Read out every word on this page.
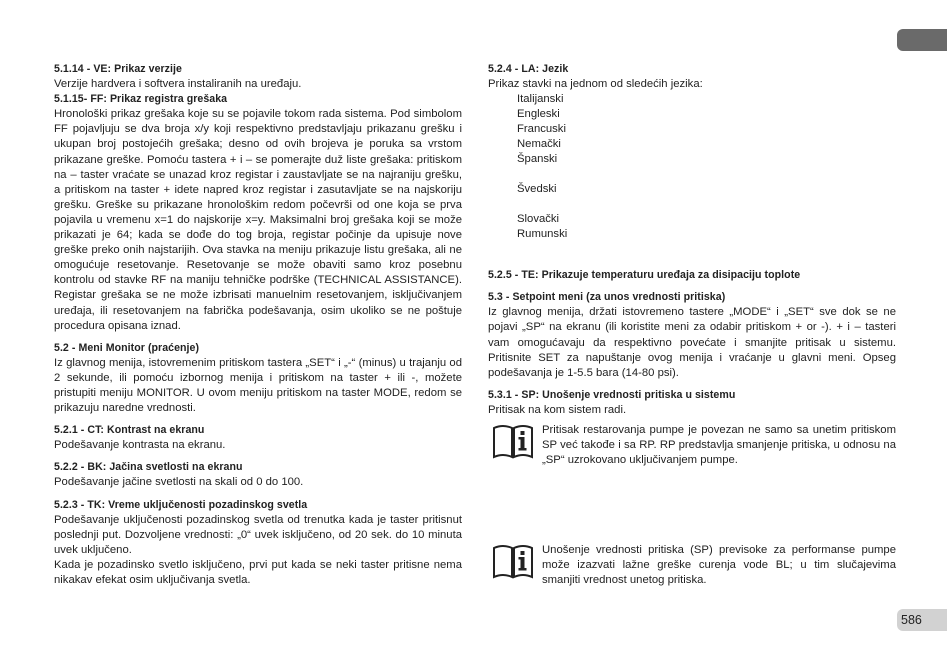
586
5.1.14 - VE: Prikaz verzije
Verzije hardvera i softvera instaliranih na uređaju.
5.1.15- FF: Prikaz registra grešaka
Hronološki prikaz grešaka koje su se pojavile tokom rada sistema. Pod simbolom FF pojavljuju se dva broja x/y koji respektivno predstavljaju prikazanu grešku i ukupan broj postojećih grešaka; desno od ovih brojeva je poruka sa vrstom prikazane greške. Pomoću tastera + i – se pomerajte duž liste grešaka: pritiskom na – taster vraćate se unazad kroz registar i zaustavljate se na najraniju grešku, a pritiskom na taster + idete napred kroz registar i zasutavljate se na najskoriju grešku. Greške su prikazane hronološkim redom počevrši od one koja se prva pojavila u vremenu x=1 do najskorije x=y. Maksimalni broj grešaka koji se može prikazati je 64; kada se dođe do tog broja, registar počinje da upisuje nove greške preko onih najstarijih. Ova stavka na meniju prikazuje listu grešaka, ali ne omogućuje resetovanje. Resetovanje se može obaviti samo kroz posebnu kontrolu od stavke RF na maniju tehničke podrške (TECHNICAL ASSISTANCE). Registar grešaka se ne može izbrisati manuelnim resetovanjem, isključivanjem uređaja, ili resetovanjem na fabrička podešavanja, osim ukoliko se ne poštuje procedura opisana iznad.
5.2 - Meni Monitor (praćenje)
Iz glavnog menija, istovremenim pritiskom tastera „SET“ i „-“ (minus) u trajanju od 2 sekunde, ili pomoću izbornog menija i pritiskom na taster + ili -, možete pristupiti meniju MONITOR. U ovom meniju pritiskom na taster MODE, redom se prikazuju naredne vrednosti.
5.2.1 - CT: Kontrast na ekranu
Podešavanje kontrasta na ekranu.
5.2.2 - BK: Jačina svetlosti na ekranu
Podešavanje jačine svetlosti na skali od 0 do 100.
5.2.3 - TK: Vreme uključenosti pozadinskog svetla
Podešavanje uključenosti pozadinskog svetla od trenutka kada je taster pritisnut poslednji put. Dozvoljene vrednosti: „0“ uvek isključeno, od 20 sek. do 10 minuta uvek uključeno.
Kada je pozadinsko svetlo isključeno, prvi put kada se neki taster pritisne nema nikakav efekat osim uključivanja svetla.
5.2.4 - LA: Jezik
Prikaz stavki na jednom od sledećih jezika:
Italijanski
Engleski
Francuski
Nemački
Španski
Švedski
Slovački
Rumunski
5.2.5 - TE: Prikazuje temperaturu uređaja za disipaciju toplote
5.3 - Setpoint meni (za unos vrednosti pritiska)
Iz glavnog menija, držati istovremeno tastere „MODE“ i „SET“ sve dok se ne pojavi „SP“ na ekranu (ili koristite meni za odabir pritiskom + or -). + i – tasteri vam omogućavaju da respektivno povećate i smanjite pritisak u sistemu. Pritisnite SET za napuštanje ovog menija i vraćanje u glavni meni. Opseg podešavanja je 1-5.5 bara (14-80 psi).
5.3.1 - SP: Unošenje vrednosti pritiska u sistemu
Pritisak na kom sistem radi.
Pritisak restarovanja pumpe je povezan ne samo sa unetim pritiskom SP već takođe i sa RP. RP predstavlja smanjenje pritiska, u odnosu na „SP“ uzrokovano uključivanjem pumpe.
Unošenje vrednosti pritiska (SP) previsoke za performanse pumpe može izazvati lažne greške curenja vode BL; u tim slučajevima smanjiti vrednost unetog pritiska.
